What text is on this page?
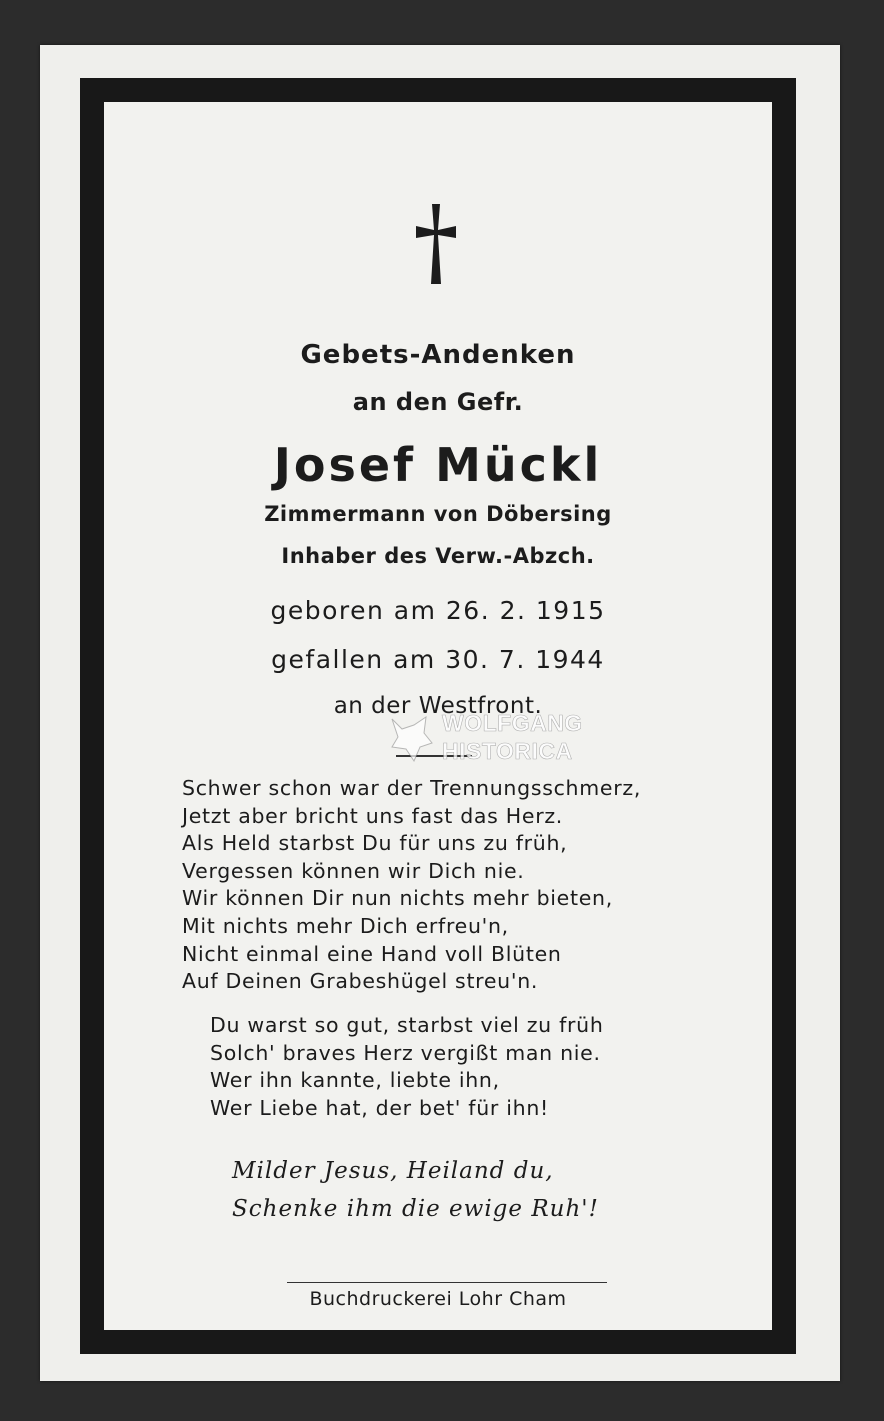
Gebets-Andenken
an den Gefr.
Josef Mückl
Zimmermann von Döbersing
Inhaber des Verw.-Abzch.
geboren am 26. 2. 1915
gefallen am 30. 7. 1944
an der Westfront.
WOLFGANG
HISTORICA
Schwer schon war der Trennungsschmerz,
Jetzt aber bricht uns fast das Herz.
Als Held starbst Du für uns zu früh,
Vergessen können wir Dich nie.
Wir können Dir nun nichts mehr bieten,
Mit nichts mehr Dich erfreu'n,
Nicht einmal eine Hand voll Blüten
Auf Deinen Grabeshügel streu'n.
Du warst so gut, starbst viel zu früh
Solch' braves Herz vergißt man nie.
Wer ihn kannte, liebte ihn,
Wer Liebe hat, der bet' für ihn!
Milder Jesus, Heiland du,
Schenke ihm die ewige Ruh'!
Buchdruckerei Lohr Cham
